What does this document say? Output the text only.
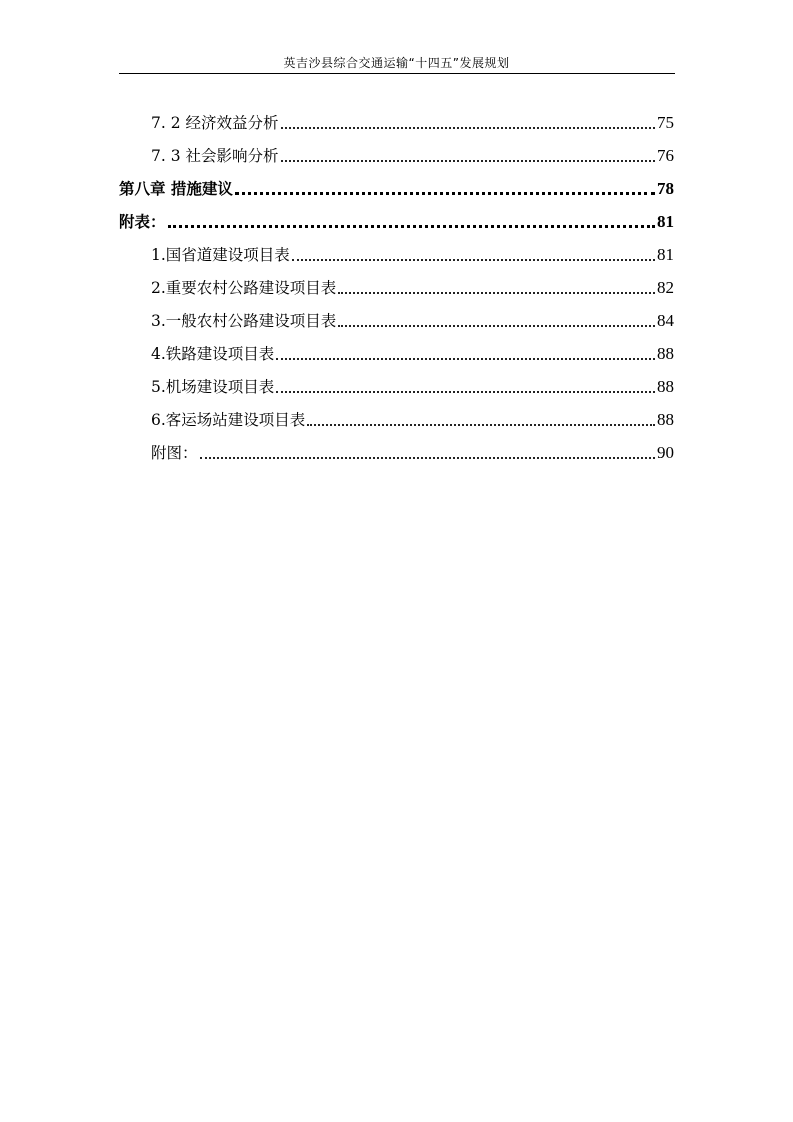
英吉沙县综合交通运输“十四五”发展规划
7. 2 经济效益分析	75
7. 3 社会影响分析	76
第八章 措施建议	78
附表：	81
1.国省道建设项目表	81
2.重要农村公路建设项目表	82
3.一般农村公路建设项目表	84
4.铁路建设项目表	88
5.机场建设项目表	88
6.客运场站建设项目表	88
附图：	90
